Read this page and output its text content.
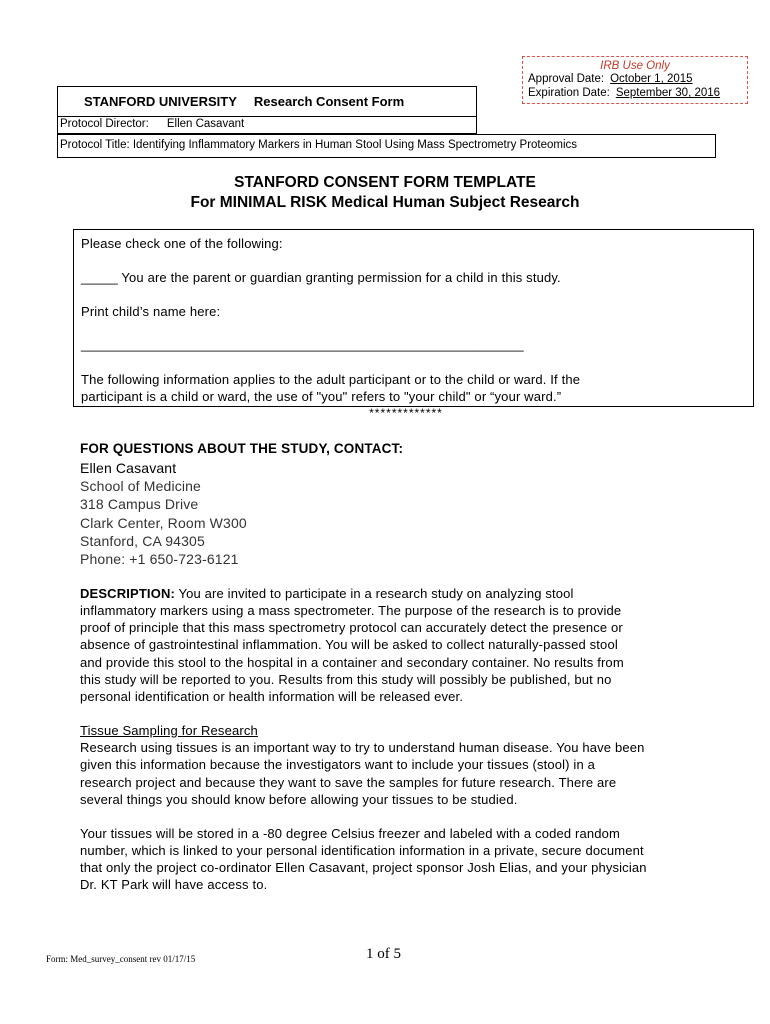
IRB Use Only
Approval Date: October 1, 2015
Expiration Date: September 30, 2016
STANFORD UNIVERSITY Research Consent Form
Protocol Director: Ellen Casavant
Protocol Title: Identifying Inflammatory Markers in Human Stool Using Mass Spectrometry Proteomics
STANFORD CONSENT FORM TEMPLATE
For MINIMAL RISK Medical Human Subject Research
Please check one of the following:
_____ You are the parent or guardian granting permission for a child in this study.
Print child’s name here:
____________________________________________________________
The following information applies to the adult participant or to the child or ward. If the
participant is a child or ward, the use of "you" refers to "your child" or “your ward.”
*************
FOR QUESTIONS ABOUT THE STUDY, CONTACT:
Ellen Casavant
School of Medicine
318 Campus Drive
Clark Center, Room W300
Stanford, CA 94305
Phone: +1 650-723-6121
DESCRIPTION: You are invited to participate in a research study on analyzing stool
inflammatory markers using a mass spectrometer. The purpose of the research is to provide
proof of principle that this mass spectrometry protocol can accurately detect the presence or
absence of gastrointestinal inflammation. You will be asked to collect naturally-passed stool
and provide this stool to the hospital in a container and secondary container. No results from
this study will be reported to you. Results from this study will possibly be published, but no
personal identification or health information will be released ever.
Tissue Sampling for Research
Research using tissues is an important way to try to understand human disease. You have been
given this information because the investigators want to include your tissues (stool) in a
research project and because they want to save the samples for future research. There are
several things you should know before allowing your tissues to be studied.
Your tissues will be stored in a -80 degree Celsius freezer and labeled with a coded random
number, which is linked to your personal identification information in a private, secure document
that only the project co-ordinator Ellen Casavant, project sponsor Josh Elias, and your physician
Dr. KT Park will have access to.
Form: Med_survey_consent rev 01/17/15	1 of 5
